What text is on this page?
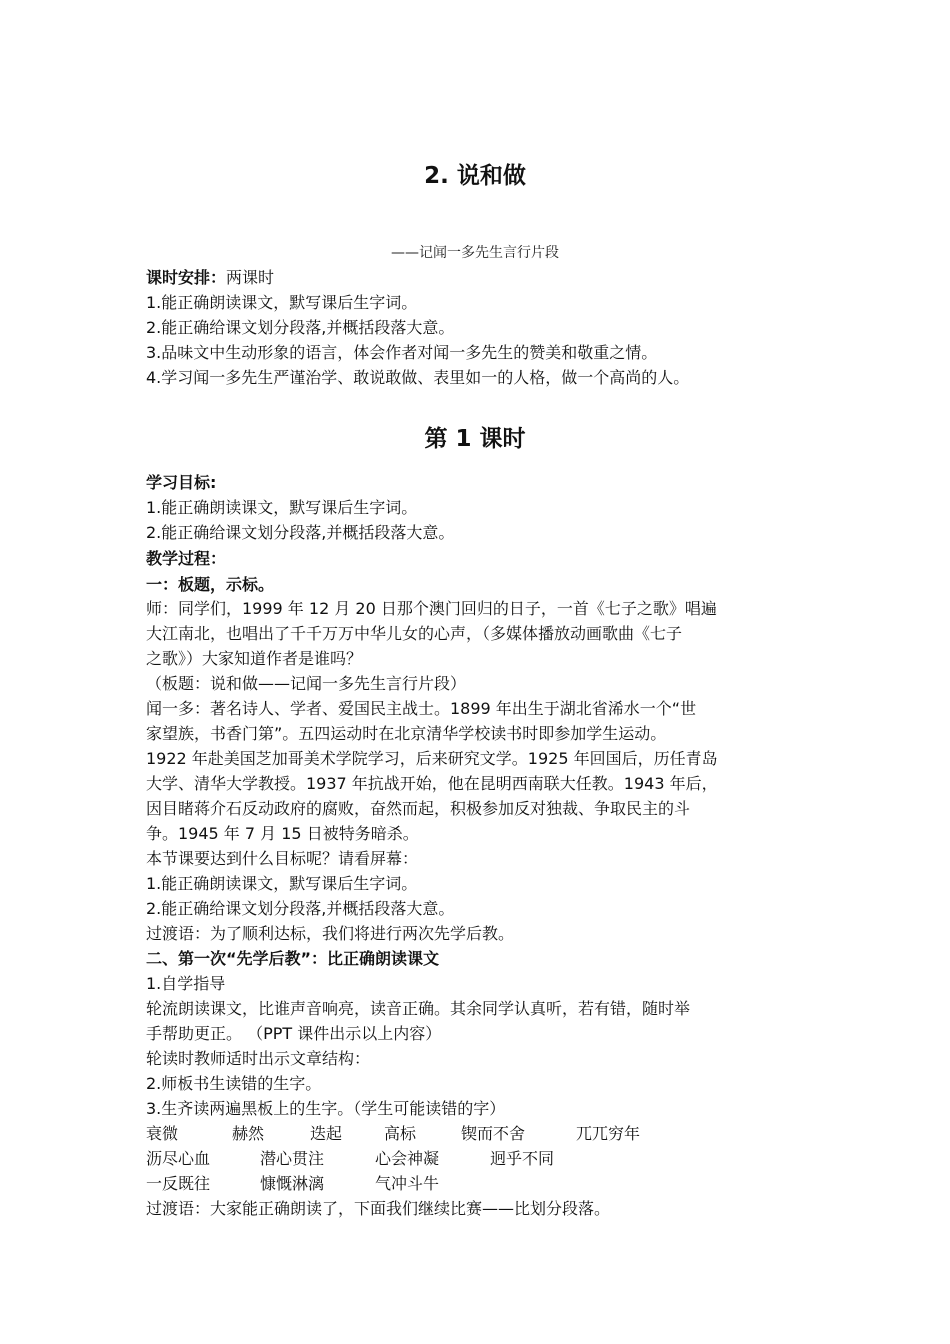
2. 说和做
——记闻一多先生言行片段
课时安排：两课时
1.能正确朗读课文，默写课后生字词。
2.能正确给课文划分段落,并概括段落大意。
3.品味文中生动形象的语言，体会作者对闻一多先生的赞美和敬重之情。
4.学习闻一多先生严谨治学、敢说敢做、表里如一的人格，做一个高尚的人。
第 1 课时
学习目标:
1.能正确朗读课文，默写课后生字词。
2.能正确给课文划分段落,并概括段落大意。
教学过程：
一：板题，示标。
师：同学们，1999 年 12 月 20 日那个澳门回归的日子，一首《七子之歌》唱遍
大江南北，也唱出了千千万万中华儿女的心声，（多媒体播放动画歌曲《七子
之歌》）大家知道作者是谁吗？
（板题：说和做——记闻一多先生言行片段）
闻一多：著名诗人、学者、爱国民主战士。1899 年出生于湖北省浠水一个“世
家望族，书香门第”。五四运动时在北京清华学校读书时即参加学生运动。
1922 年赴美国芝加哥美术学院学习，后来研究文学。1925 年回国后，历任青岛
大学、清华大学教授。1937 年抗战开始，他在昆明西南联大任教。1943 年后，
因目睹蒋介石反动政府的腐败，奋然而起，积极参加反对独裁、争取民主的斗
争。1945 年 7 月 15 日被特务暗杀。
本节课要达到什么目标呢？请看屏幕：
1.能正确朗读课文，默写课后生字词。
2.能正确给课文划分段落,并概括段落大意。
过渡语：为了顺利达标，我们将进行两次先学后教。
二、第一次“先学后教”：比正确朗读课文
1.自学指导
轮流朗读课文，比谁声音响亮，读音正确。其余同学认真听，若有错，随时举
手帮助更正。 （PPT 课件出示以上内容）
轮读时教师适时出示文章结构：
2.师板书生读错的生字。
3.生齐读两遍黑板上的生字。（学生可能读错的字）
衰微	赫然	迭起	高标	锲而不舍	兀兀穷年
沥尽心血	潜心贯注	心会神凝	迥乎不同
一反既往	慷慨淋漓	气冲斗牛
过渡语：大家能正确朗读了，下面我们继续比赛——比划分段落。
